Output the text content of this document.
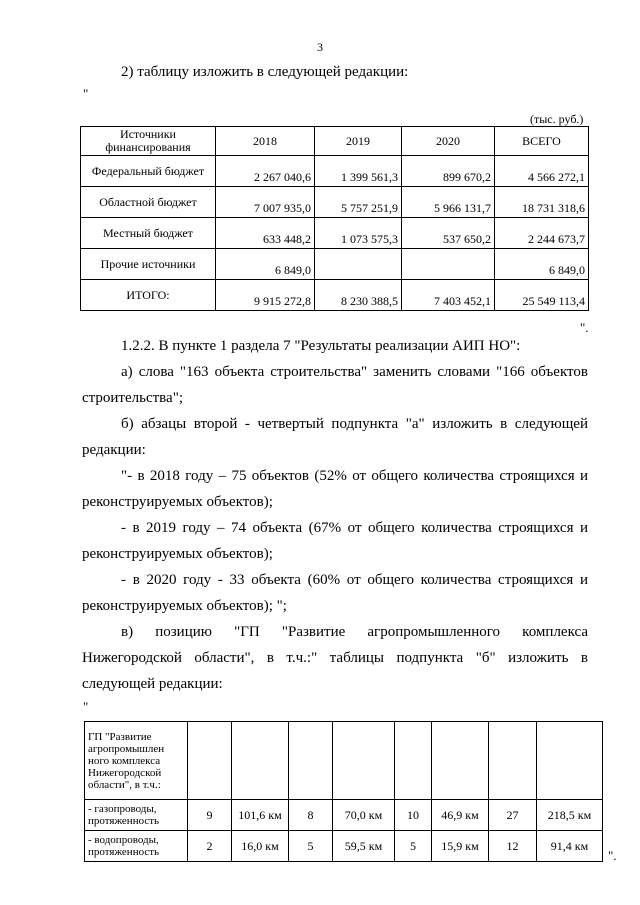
3
2) таблицу изложить в следующей редакции:
"
(тыс. руб.)
Источники финансирования	2018	2019	2020	ВСЕГО
Федеральный бюджет	2 267 040,6	1 399 561,3	899 670,2	4 566 272,1
Областной бюджет	7 007 935,0	5 757 251,9	5 966 131,7	18 731 318,6
Местный бюджет	633 448,2	1 073 575,3	537 650,2	2 244 673,7
Прочие источники	6 849,0			6 849,0
ИТОГО:	9 915 272,8	8 230 388,5	7 403 452,1	25 549 113,4
".
1.2.2. В пункте 1 раздела 7 "Результаты реализации АИП НО":
а) слова "163 объекта строительства" заменить словами "166 объектов
строительства";
б) абзацы второй - четвертый подпункта "а" изложить в следующей
редакции:
"- в 2018 году – 75 объектов (52% от общего количества строящихся и
реконструируемых объектов);
- в 2019 году – 74 объекта (67% от общего количества строящихся и
реконструируемых объектов);
- в 2020 году - 33 объекта (60% от общего количества строящихся и
реконструируемых объектов); ";
в) позицию "ГП "Развитие агропромышленного комплекса
Нижегородской области", в т.ч.:" таблицы подпункта "б" изложить в
следующей редакции:
"
ГП "Развитие агропромышлен ного комплекса Нижегородской области", в т.ч.:								
- газопроводы, протяженность	9	101,6 км	8	70,0 км	10	46,9 км	27	218,5 км
- водопроводы, протяженность	2	16,0 км	5	59,5 км	5	15,9 км	12	91,4 км
".
